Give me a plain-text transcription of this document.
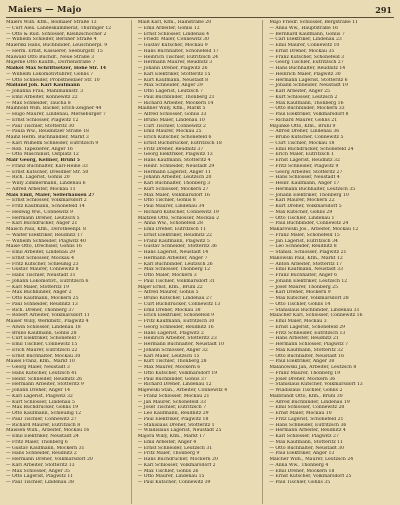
Maiers — Majo	291
Maiers Wilh. Kfm., Boimaier Straße 13
— Curt Alex. Landeskammerat, Thuringer 12
— Otto & Rud. Schlosser, Kleinzschocher 2
— Wilhelm Schleifer, Berliner Straße 4
Maierski Hans, Buchbinder, Leuschnerpl. 9
— Herm. Ernst, Kassierer, Seeburgstr. 15
Maiwald Otto Buchdr., Neue Straße 3
Majerke Otto Kaufm., Dörrienstraße 7
Maikel Max Schriftsetzer, Hohe Str. 14
— Wilhelm Lokomotivführer, Gohlis 7
— Otto Schneider, Probstheidaer Str. 10
Mailand Joh. Karl Kaufmann
— Johanna Frau, Mahlmannstr. 3
— Emil Arbeiter, Konnewitz 22
— Max Schneider, Taucha 8
Mainhold Wilh. Bäcker, Erich-Zeigner 44
— Hugo Maurer, Lindenau, Merseburger 7
— Ernst Schlosser, Plagwitz 12
— Paul Tischler, Stötteritz 30
— Paula Ww., Reudnitzer Straße 18
Mainz Herm. Buchhändler, Markt 3
— Karl Wilhelm Schneider, Eutritzsch 9
— Rob. Tapezierer, Anger 16
— Otto Maschinist, Ostplatz 12
Mair Georg, Kellner, Brühl 5
— Franz Buchhalter, Karl-Heine 33
— Ernst Kutscher, Dresdner Str. 50
— Rich. Lagerist, Gohlis 20
— Willy Zimmermann, Lindenau 6
— Alfred Arbeiter, Mockau 11
Mais Emil, Maler, Sellerhausen 27
— Ernst Schlosser, Volkmarsdorf 2
— Fritz Kaufmann, Schönefeld 14
— Hedwig Ww., Connewitz 9
— Hermann Dreher, Leutzsch 5
— Karl Buchdrucker, Anger 21
Maisch Paul, Kfm., Dorotheenpl. 8
— Walter Elektriker, Reudnitz 17
— Wilhelm Schneider, Plagwitz 40
Maise Otto, Drechsler, Gohlis 16
— Emil Arbeiter, Lindenau 29
— Ernst Schlosser, Mockau 4
— Fritz Kutscher, Schleußig 23
— Gustav Maurer, Connewitz 8
— Hans Tischler, Neustadt 31
— Johann Lokomotivf., Eutritzsch 6
— Karl Maler, Stötteritz 19
— Max Buchbinder, Anger 2
— Otto Kaufmann, Möckern 25
— Paul Schneider, Reudnitz 13
— Rich. Dreher, Thonberg 37
— Robert Arbeiter, Volkmarsdorf 11
Maiser Willy, Werkmstr., Plagwitz 4
— Alwin Schlosser, Lindenau 18
— Bruno Kaufmann, Gohlis 28
— Curt Elektriker, Schönefeld 7
— Emil Tischler, Connewitz 15
— Erich Maurer, Eutritzsch 22
— Ernst Buchhalter, Mockau 30
Maisel Franz, Kfm., Markt 10
— Georg Maler, Neustadt 3
— Hans Kutscher, Leutzsch 41
— Heinr. Schneider, Reudnitz 26
— Hermann Arbeiter, Stötteritz 9
— Johann Dreher, Anger 14
— Karl Lagerist, Plagwitz 32
— Kurt Schlosser, Lindenau 5
— Max Buchdrucker, Gohlis 19
— Otto Kaufmann, Schleußig 12
— Paul Tischler, Connewitz 27
— Richard Maurer, Eutritzsch 8
Maissen Wilh., Arbeiter, Mockau 16
— Emil Elektriker, Neustadt 24
— Fritz Maler, Thonberg 6
— Gustav Kaufmann, Möckern 31
— Hans Schneider, Reudnitz 2
— Hermann Dreher, Volkmarsdorf 20
— Karl Arbeiter, Stötteritz 13
— Max Schlosser, Anger 35
— Otto Lagerist, Plagwitz 11
— Paul Tischler, Lindenau 38
Maiß Karl, Kfm., Hainstraße 20
— Emil Arbeiter, Gohlis 12
— Ernst Schlosser, Lindenau 4
— Friedr. Maler, Connewitz 30
— Gustav Kutscher, Mockau 9
— Hans Buchhalter, Schönefeld 17
— Heinrich Tischler, Eutritzsch 24
— Hermann Maurer, Reudnitz 3
— Johann Dreher, Plagwitz 26
— Karl Elektriker, Stötteritz 15
— Kurt Kaufmann, Neustadt 8
— Max Schneider, Anger 29
— Otto Lagerist, Leutzsch 7
— Paul Buchbinder, Thonberg 21
— Richard Arbeiter, Möckern 14
Maißner Willy, Kfm., Markt 5
— Alfred Schlosser, Gohlis 33
— Bruno Maler, Lindenau 10
— Curt Tischler, Connewitz 2
— Emil Maurer, Mockau 25
— Erich Kutscher, Schönefeld 6
— Ernst Buchdrucker, Eutritzsch 18
— Fritz Dreher, Reudnitz 37
— Georg Elektriker, Plagwitz 13
— Hans Kaufmann, Stötteritz 4
— Heinr. Schneider, Neustadt 29
— Hermann Lagerist, Anger 11
— Johann Arbeiter, Leutzsch 20
— Karl Buchhalter, Thonberg 3
— Kurt Schlosser, Möckern 27
— Max Maler, Volkmarsdorf 16
— Otto Tischler, Gohlis 8
— Paul Maurer, Lindenau 34
— Richard Kutscher, Connewitz 19
Maitzen Otto, Schlosser, Mockau 2
— Anna Ww., Schönefeld 28
— Emil Dreher, Eutritzsch 11
— Ernst Elektriker, Reudnitz 22
— Franz Kaufmann, Plagwitz 5
— Gustav Schneider, Stötteritz 36
— Hans Lagerist, Neustadt 14
— Hermann Arbeiter, Anger 7
— Karl Buchbinder, Leutzsch 26
— Max Schlosser, Thonberg 12
— Otto Maler, Möckern 3
— Paul Tischler, Volkmarsdorf 31
Majer Ernst, Kfm., Brühl 22
— Alfred Maurer, Gohlis 5
— Bruno Kutscher, Lindenau 27
— Curt Buchdrucker, Connewitz 13
— Emil Dreher, Mockau 38
— Erich Elektriker, Schönefeld 9
— Fritz Kaufmann, Eutritzsch 30
— Georg Schneider, Reudnitz 16
— Hans Lagerist, Plagwitz 2
— Heinrich Arbeiter, Stötteritz 23
— Hermann Buchhalter, Neustadt 10
— Johann Schlosser, Anger 32
— Karl Maler, Leutzsch 15
— Kurt Tischler, Thonberg 28
— Max Maurer, Möckern 6
— Otto Kutscher, Volkmarsdorf 19
— Paul Buchbinder, Gohlis 37
— Richard Dreher, Lindenau 12
Majewski Stan., Arbeiter, Connewitz 4
— Franz Schlosser, Mockau 21
— Jan Maurer, Schönefeld 33
— Josef Tischler, Eutritzsch 7
— Leo Kaufmann, Reudnitz 29
— Paul Elektriker, Plagwitz 18
— Stanislaus Dreher, Stötteritz 1
— Wladislaus Lagerist, Neustadt 25
Majora Willy, Kfm., Markt 17
— Emil Arbeiter, Anger 4
— Ernst Schneider, Leutzsch 31
— Fritz Maler, Thonberg 9
— Hans Buchdrucker, Möckern 20
— Karl Schlosser, Volkmarsdorf 2
— Max Tischler, Gohlis 26
— Otto Maurer, Lindenau 15
— Paul Kutscher, Connewitz 39
Majo Friedr. Schlosser, Bergstraße 11
— Anna Ww., Hauptstraße 16
— Bernhard Kaufmann, Gohlis 7
— Carl Elektriker, Lindenau 23
— Emil Maurer, Connewitz 10
— Ernst Dreher, Mockau 35
— Franz Kutscher, Schönefeld 3
— Georg Tischler, Eutritzsch 27
— Hans Buchhalter, Reudnitz 14
— Heinrich Maler, Plagwitz 30
— Hermann Lagerist, Stötteritz 6
— Johann Schneider, Neustadt 19
— Karl Arbeiter, Anger 25
— Kurt Schlosser, Leutzsch 2
— Max Kaufmann, Thonberg 16
— Otto Buchbinder, Möckern 33
— Paul Elektriker, Volkmarsdorf 8
— Richard Maurer, Gohlis 21
Majunke Otto, Kfm., Brühl 9
— Alfred Dreher, Lindenau 36
— Bruno Kutscher, Connewitz 5
— Curt Tischler, Mockau 18
— Emil Buchdrucker, Schönefeld 24
— Erich Maler, Eutritzsch 1
— Ernst Lagerist, Reudnitz 32
— Fritz Schneider, Plagwitz 9
— Georg Arbeiter, Stötteritz 27
— Hans Schlosser, Neustadt 4
— Heinr. Kaufmann, Anger 17
— Hermann Buchhalter, Leutzsch 35
— Johann Elektriker, Thonberg 10
— Karl Maurer, Möckern 22
— Kurt Dreher, Volkmarsdorf 5
— Max Kutscher, Gohlis 29
— Otto Tischler, Lindenau 1
— Paul Buchbinder, Connewitz 24
Makarowski Jos., Arbeiter, Mockau 12
— Franz Maler, Schönefeld 15
— Jan Lagerist, Eutritzsch 34
— Leo Schneider, Reudnitz 8
— Stanisl. Schlosser, Plagwitz 21
Makowski Paul, Kfm., Markt 12
— Anton Arbeiter, Stötteritz 17
— Emil Kaufmann, Neustadt 33
— Franz Buchhalter, Anger 6
— Johann Elektriker, Leutzsch 12
— Josef Maurer, Thonberg 25
— Karl Dreher, Möckern 9
— Max Kutscher, Volkmarsdorf 28
— Otto Tischler, Gohlis 14
— Stanislaus Buchbinder, Lindenau 31
Malacher Karl, Schlosser, Connewitz 16
— Emil Maler, Mockau 3
— Ernst Lagerist, Schönefeld 29
— Fritz Schneider, Eutritzsch 13
— Hans Arbeiter, Reudnitz 21
— Hermann Schlosser, Plagwitz 7
— Max Kaufmann, Stötteritz 32
— Otto Buchhalter, Neustadt 16
— Paul Elektriker, Anger 38
Malanowski Jan, Arbeiter, Leutzsch 8
— Franz Maurer, Thonberg 19
— Josef Dreher, Möckern 36
— Stanislaus Kutscher, Volkmarsdorf 13
— Wladislaus Tischler, Gohlis 2
Malbrandt Otto, Kfm., Brühl 30
— Alfred Buchbinder, Lindenau 19
— Emil Schlosser, Connewitz 28
— Ernst Maler, Mockau 10
— Fritz Lagerist, Schönefeld 21
— Hans Schneider, Eutritzsch 36
— Hermann Arbeiter, Reudnitz 4
— Karl Schlosser, Plagwitz 27
— Max Kaufmann, Stötteritz 11
— Otto Buchhalter, Neustadt 30
— Paul Elektriker, Anger 13
Malcher Wilh., Maurer, Leutzsch 24
— Anna Ww., Thonberg 4
— Emil Dreher, Möckern 18
— Ernst Kutscher, Volkmarsdorf 25
— Paul Tischler, Gohlis 35
